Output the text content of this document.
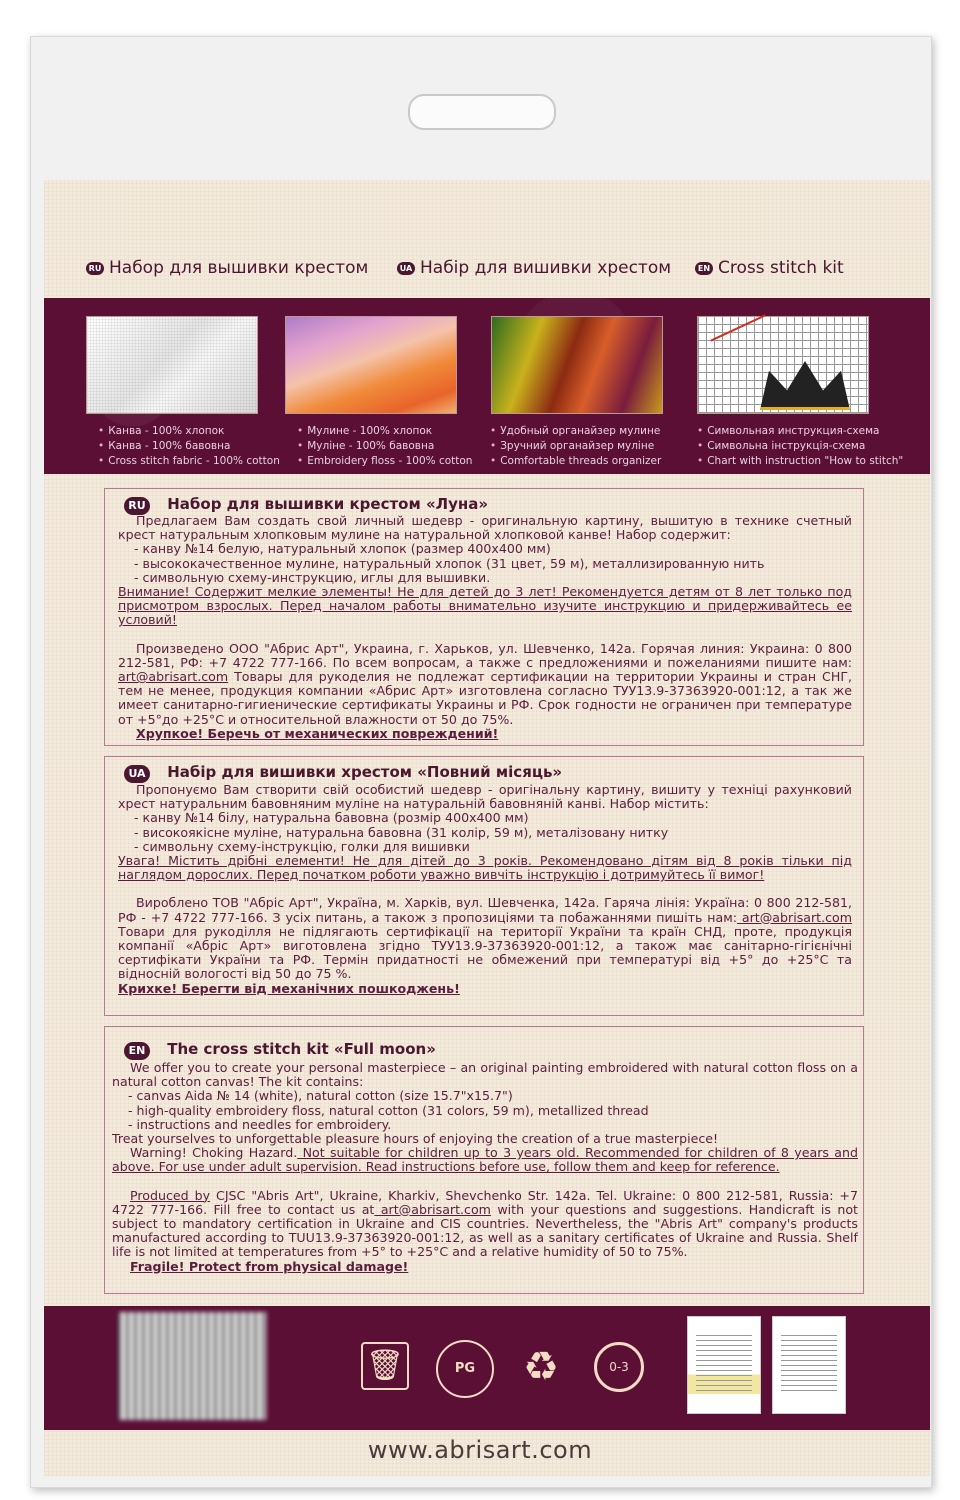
RU Набор для вышивки крестом	UA Набір для вишивки хрестом	EN Cross stitch kit
• Канва - 100% хлопок
• Канва - 100% бавовна
• Cross stitch fabric - 100% cotton
• Мулине - 100% хлопок
• Муліне - 100% бавовна
• Embroidery floss - 100% cotton
• Удобный органайзер мулине
• Зручний органайзер муліне
• Comfortable threads organizer
• Символьная инструкция-схема
• Символьна інструкція-схема
• Chart with instruction "How to stitch"
RU Набор для вышивки крестом «Луна»

Предлагаем Вам создать свой личный шедевр - оригинальную картину, вышитую в технике счетный крест натуральным хлопковым мулине на натуральной хлопковой канве! Набор содержит:

- канву №14 белую, натуральный хлопок (размер 400х400 мм)

- высококачественное мулине, натуральный хлопок (31 цвет, 59 м), металлизированную нить

- символьную схему-инструкцию, иглы для вышивки.

Внимание! Содержит мелкие элементы! Не для детей до 3 лет! Рекомендуется детям от 8 лет только под присмотром взрослых. Перед началом работы внимательно изучите инструкцию и придерживайтесь ее условий!

Произведено ООО "Абрис Арт", Украина, г. Харьков, ул. Шевченко, 142а. Горячая линия: Украина: 0 800 212-581, РФ: +7 4722 777-166. По всем вопросам, а также с предложениями и пожеланиями пишите нам: art@abrisart.com Товары для рукоделия не подлежат сертификации на территории Украины и стран СНГ, тем не менее, продукция компании «Абрис Арт» изготовлена согласно ТУУ13.9-37363920-001:12, а так же имеет санитарно-гигиенические сертификаты Украины и РФ. Срок годности не ограничен при температуре от +5°до +25°С и относительной влажности от 50 до 75%.

Хрупкое! Беречь от механических повреждений!

UA Набір для вишивки хрестом «Повний місяць»

Пропонуємо Вам створити свій особистий шедевр - оригінальну картину, вишиту у техніці рахунковий хрест натуральним бавовняним муліне на натуральній бавовняній канві. Набор містить:

- канву №14 білу, натуральна бавовна (розмір 400х400 мм)

- високоякісне муліне, натуральна бавовна (31 колір, 59 м), металізовану нитку

- символьну схему-інструкцію, голки для вишивки

Увага! Містить дрібні елементи! Не для дітей до 3 років. Рекомендовано дітям від 8 років тільки під наглядом дорослих. Перед початком роботи уважно вивчіть інструкцію і дотримуйтесь її вимог!

Вироблено ТОВ "Абріс Арт", Україна, м. Харків, вул. Шевченка, 142а. Гаряча лінія: Україна: 0 800 212-581, РФ - +7 4722 777-166. З усіх питань, а також з пропозиціями та побажаннями пишіть нам: art@abrisart.com Товари для рукоділля не підлягають сертифікації на території України та країн СНД, проте, продукція компанії «Абріс Арт» виготовлена згідно ТУУ13.9-37363920-001:12, а також має санітарно-гігієнічні сертифікати України та РФ. Термін придатності не обмежений при температурі від +5° до +25°С та відносній вологості від 50 до 75 %.

Крихке! Берегти від механічних пошкоджень!

EN The cross stitch kit «Full moon»

We offer you to create your personal masterpiece – an original painting embroidered with natural cotton floss on a natural cotton canvas! The kit contains:

- canvas Aida № 14 (white), natural cotton (size 15.7"x15.7")

- high-quality embroidery floss, natural cotton (31 colors, 59 m), metallized thread

- instructions and needles for embroidery.

Treat yourselves to unforgettable pleasure hours of enjoying the creation of a true masterpiece!

Warning! Choking Hazard. Not suitable for children up to 3 years old. Recommended for children of 8 years and above. For use under adult supervision. Read instructions before use, follow them and keep for reference.

Produced by CJSC "Abris Art", Ukraine, Kharkiv, Shevchenko Str. 142a. Tel. Ukraine: 0 800 212-581, Russia: +7 4722 777-166. Fill free to contact us at art@abrisart.com with your questions and suggestions. Handicraft is not subject to mandatory certification in Ukraine and CIS countries. Nevertheless, the "Abris Art" company's products manufactured according to TUU13.9-37363920-001:12, as well as a sanitary certificates of Ukraine and Russia. Shelf life is not limited at temperatures from +5° to +25°C and a relative humidity of 50 to 75%.

Fragile! Protect from physical damage!

🗑	PG	♻	0-3
www.abrisart.com
